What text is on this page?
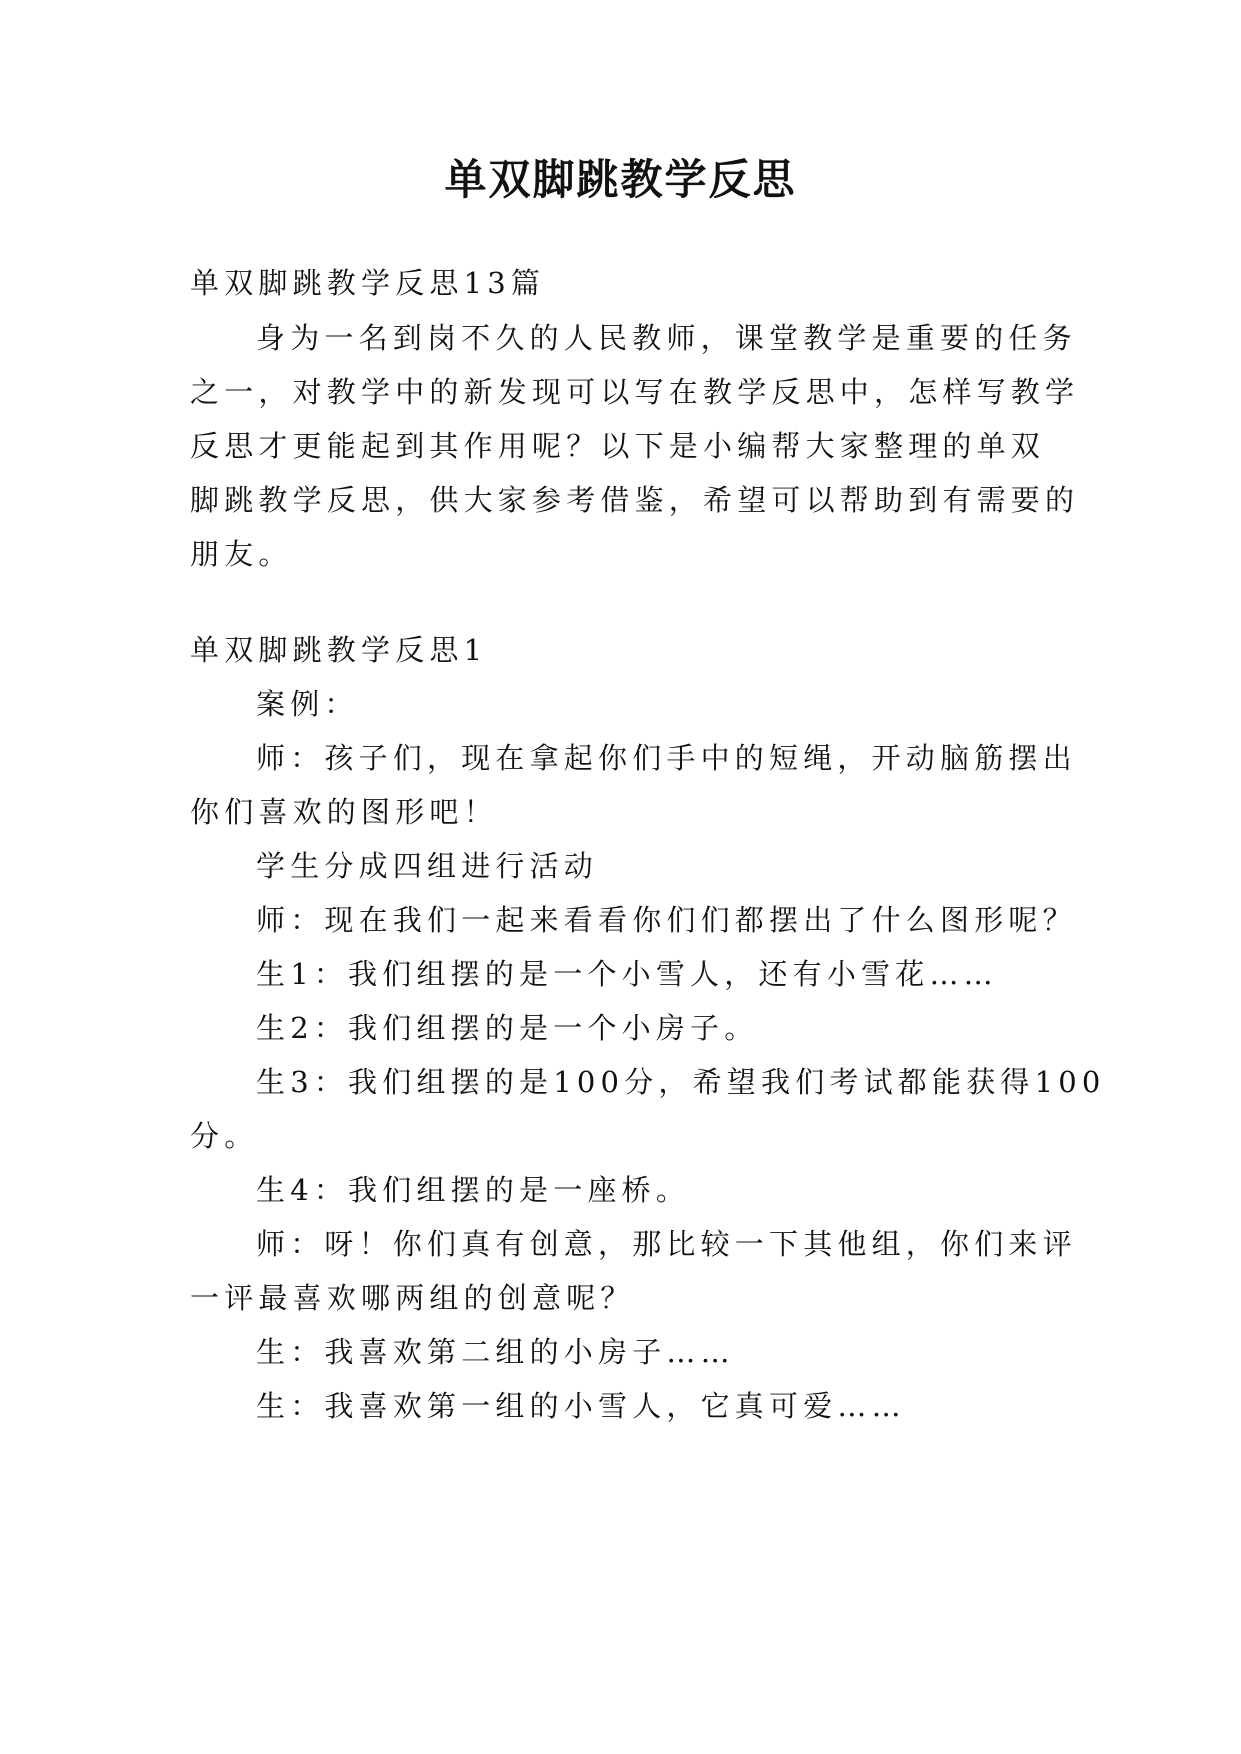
单双脚跳教学反思

单双脚跳教学反思13篇

身为一名到岗不久的人民教师，课堂教学是重要的任务

之一，对教学中的新发现可以写在教学反思中，怎样写教学

反思才更能起到其作用呢？以下是小编帮大家整理的单双

脚跳教学反思，供大家参考借鉴，希望可以帮助到有需要的

朋友。

单双脚跳教学反思1

案例：

师：孩子们，现在拿起你们手中的短绳，开动脑筋摆出

你们喜欢的图形吧！

学生分成四组进行活动

师：现在我们一起来看看你们们都摆出了什么图形呢？

生1：我们组摆的是一个小雪人，还有小雪花……

生2：我们组摆的是一个小房子。

生3：我们组摆的是100分，希望我们考试都能获得100

分。

生4：我们组摆的是一座桥。

师：呀！你们真有创意，那比较一下其他组，你们来评

一评最喜欢哪两组的创意呢？

生：我喜欢第二组的小房子……

生：我喜欢第一组的小雪人，它真可爱……
